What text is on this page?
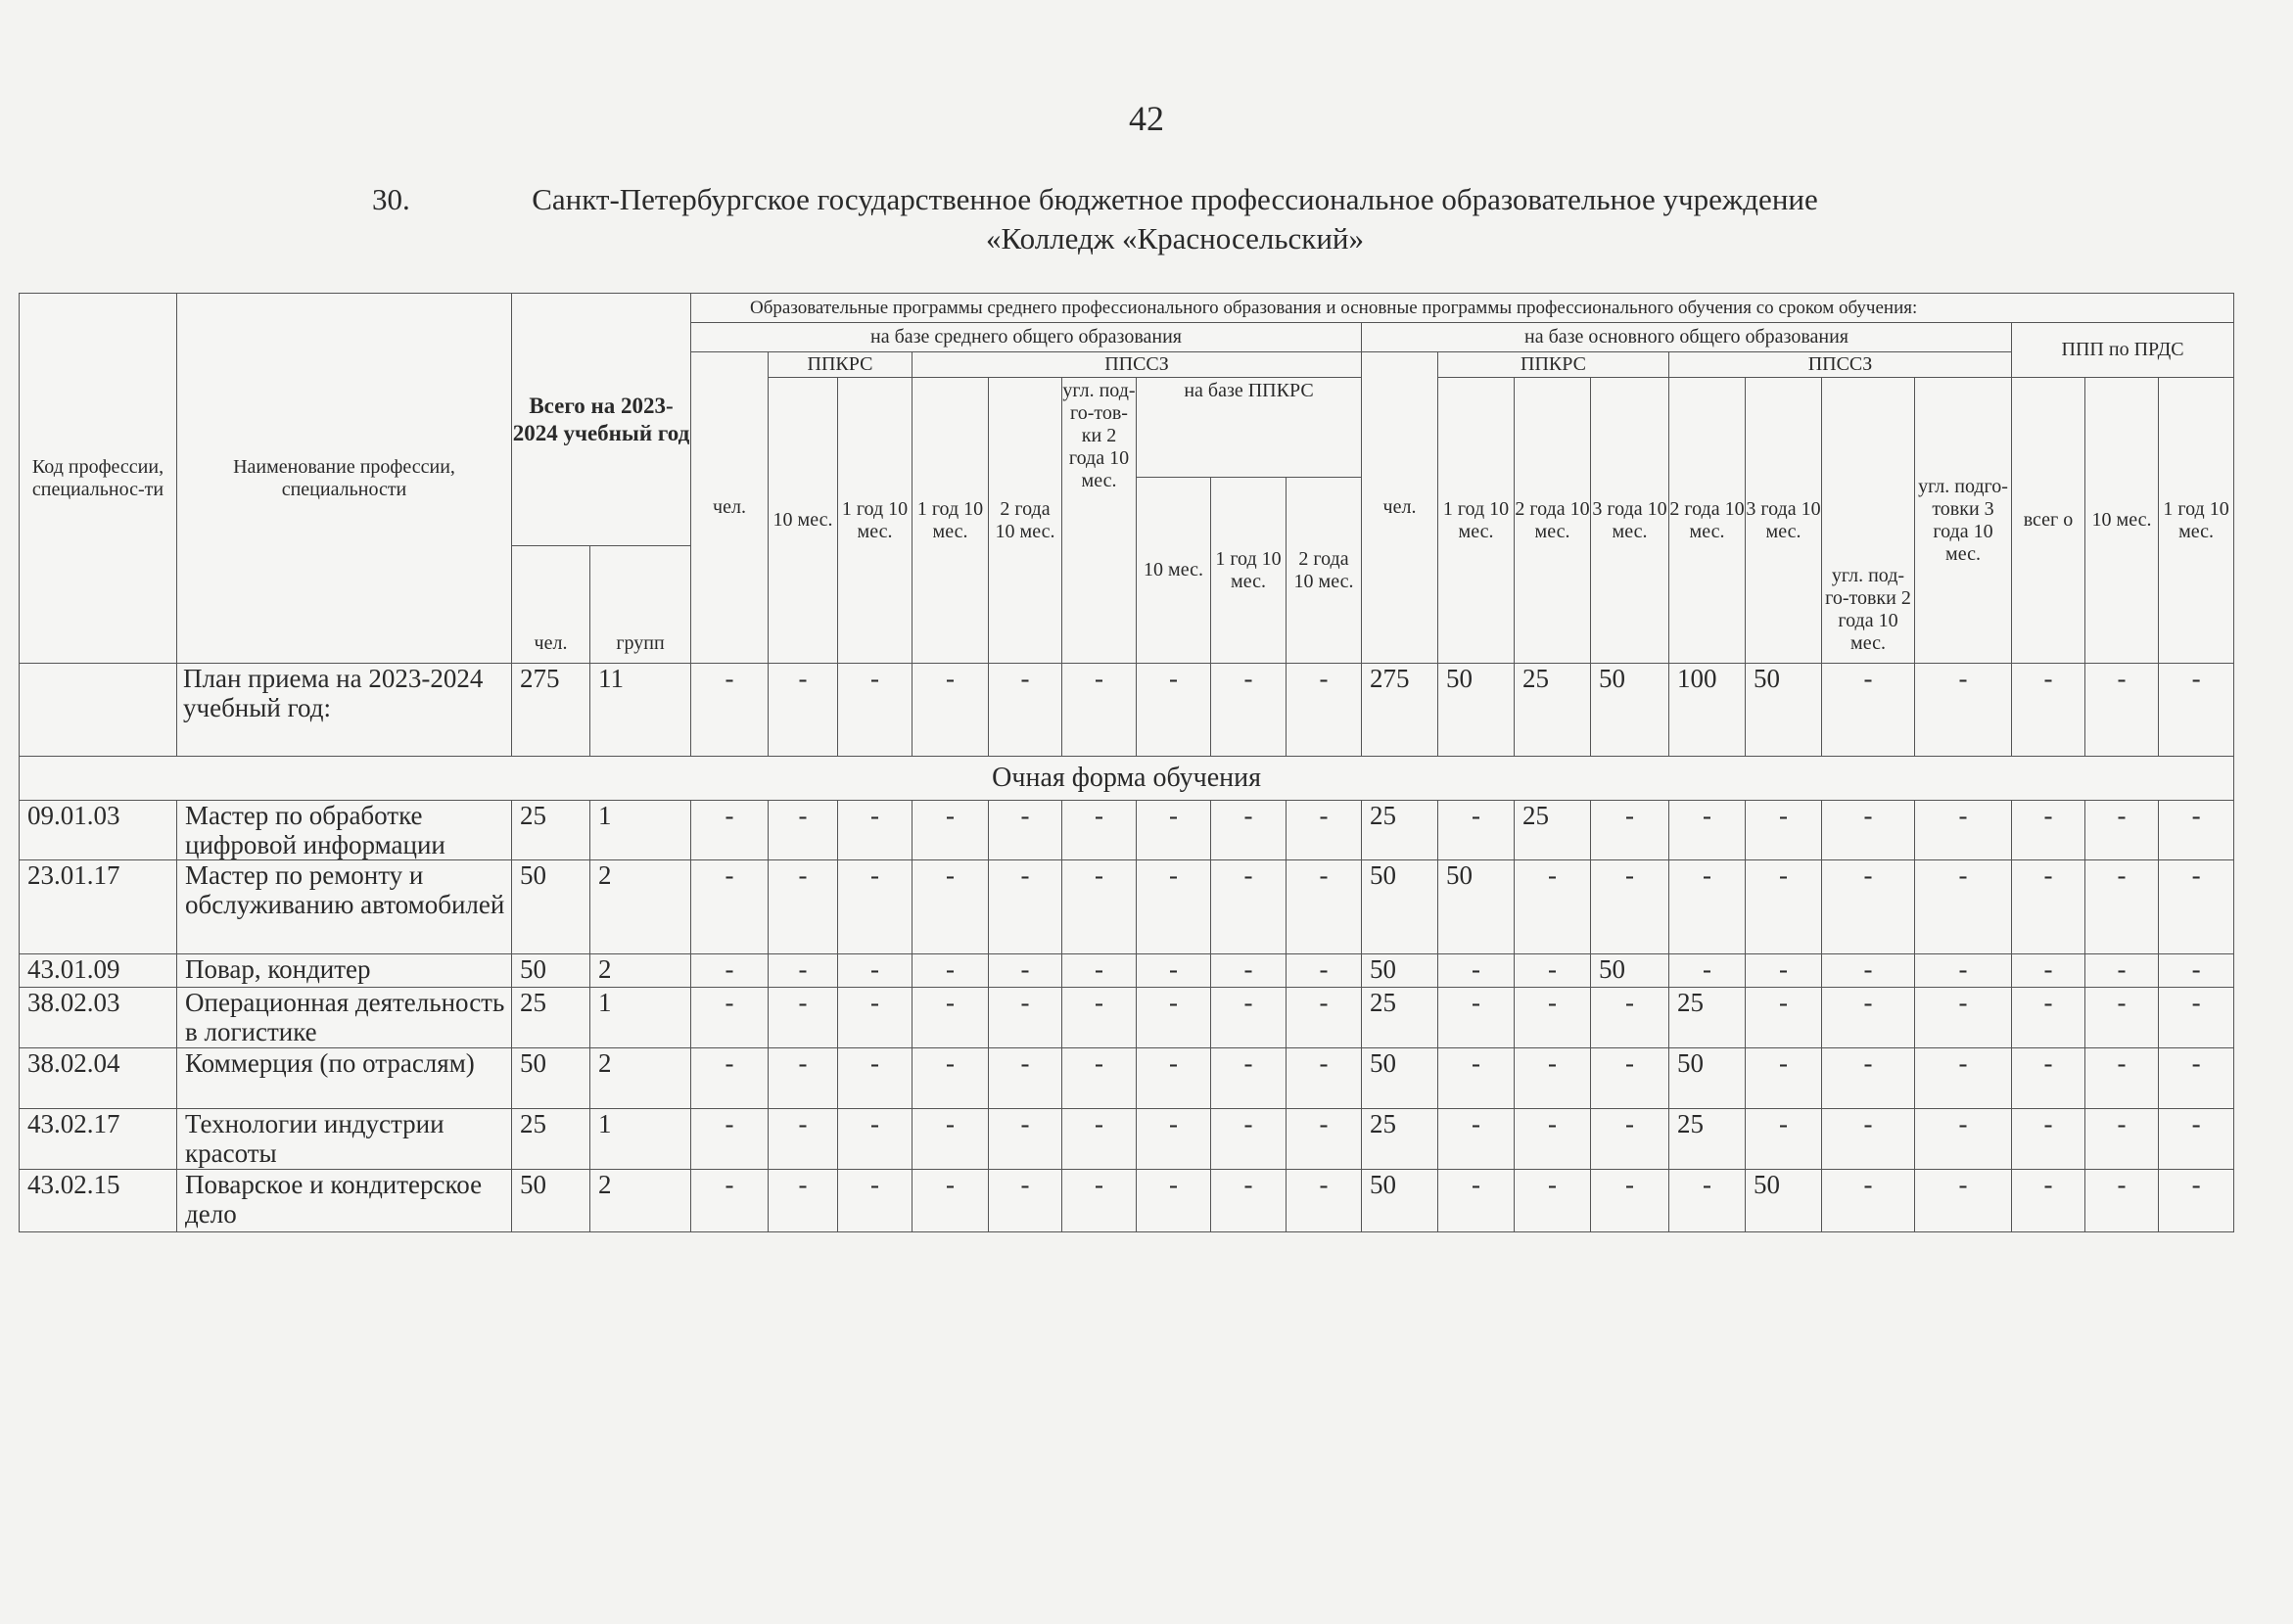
42
30.	Санкт-Петербургское государственное бюджетное профессиональное образовательное учреждение
«Колледж «Красносельский»
Код профессии, специальнос-ти	Наименование профессии, специальности	Всего на 2023-2024 учебный год		Образовательные программы среднего профессионального образования и основные программы профессионального обучения со сроком обучения:																			
				на базе среднего общего образования									на базе основного общего образования								ППП по ПРДС		
				чел.	ППКРС		ППССЗ						чел.	ППКРС			ППССЗ						
					10 мес.	1 год 10 мес.	1 год 10 мес.	2 года 10 мес.	угл. под-го-тов-ки 2 года 10 мес.	на базе ППКРС				1 год 10 мес.	2 года 10 мес.	3 года 10 мес.	2 года 10 мес.	3 года 10 мес.	угл. под-го-товки 2 года 10 мес.	угл. подго-товки 3 года 10 мес.	всег о	10 мес.	1 год 10 мес.
										10 мес.	1 год 10 мес.	2 года 10 мес.											
		чел.	групп																				
	План приема на 2023-2024 учебный год:	275	11	-	-	-	-	-	-	-	-	-	275	50	25	50	100	50	-	-	-	-	-
Очная форма обучения																							
09.01.03	Мастер по обработке цифровой информации	25	1	-	-	-	-	-	-	-	-	-	25	-	25	-	-	-	-	-	-	-	-
23.01.17	Мастер по ремонту и обслуживанию автомобилей	50	2	-	-	-	-	-	-	-	-	-	50	50	-	-	-	-	-	-	-	-	-
43.01.09	Повар, кондитер	50	2	-	-	-	-	-	-	-	-	-	50	-	-	50	-	-	-	-	-	-	-
38.02.03	Операционная деятельность в логистике	25	1	-	-	-	-	-	-	-	-	-	25	-	-	-	25	-	-	-	-	-	-
38.02.04	Коммерция (по отраслям)	50	2	-	-	-	-	-	-	-	-	-	50	-	-	-	50	-	-	-	-	-	-
43.02.17	Технологии индустрии красоты	25	1	-	-	-	-	-	-	-	-	-	25	-	-	-	25	-	-	-	-	-	-
43.02.15	Поварское и кондитерское дело	50	2	-	-	-	-	-	-	-	-	-	50	-	-	-	-	50	-	-	-	-	-
